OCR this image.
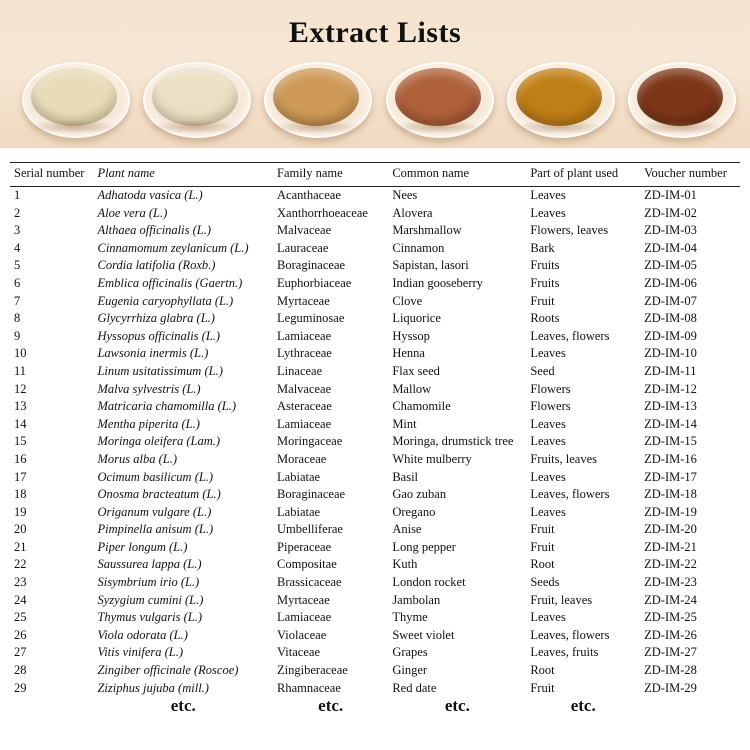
Extract Lists
Serial number	Plant name	Family name	Common name	Part of plant used	Voucher number
1	Adhatoda vasica (L.)	Acanthaceae	Nees	Leaves	ZD-IM-01
2	Aloe vera (L.)	Xanthorrhoeaceae	Alovera	Leaves	ZD-IM-02
3	Althaea officinalis (L.)	Malvaceae	Marshmallow	Flowers, leaves	ZD-IM-03
4	Cinnamomum zeylanicum (L.)	Lauraceae	Cinnamon	Bark	ZD-IM-04
5	Cordia latifolia (Roxb.)	Boraginaceae	Sapistan, lasori	Fruits	ZD-IM-05
6	Emblica officinalis (Gaertn.)	Euphorbiaceae	Indian gooseberry	Fruits	ZD-IM-06
7	Eugenia caryophyllata (L.)	Myrtaceae	Clove	Fruit	ZD-IM-07
8	Glycyrrhiza glabra (L.)	Leguminosae	Liquorice	Roots	ZD-IM-08
9	Hyssopus officinalis (L.)	Lamiaceae	Hyssop	Leaves, flowers	ZD-IM-09
10	Lawsonia inermis (L.)	Lythraceae	Henna	Leaves	ZD-IM-10
11	Linum usitatissimum (L.)	Linaceae	Flax seed	Seed	ZD-IM-11
12	Malva sylvestris (L.)	Malvaceae	Mallow	Flowers	ZD-IM-12
13	Matricaria chamomilla (L.)	Asteraceae	Chamomile	Flowers	ZD-IM-13
14	Mentha piperita (L.)	Lamiaceae	Mint	Leaves	ZD-IM-14
15	Moringa oleifera (Lam.)	Moringaceae	Moringa, drumstick tree	Leaves	ZD-IM-15
16	Morus alba (L.)	Moraceae	White mulberry	Fruits, leaves	ZD-IM-16
17	Ocimum basilicum (L.)	Labiatae	Basil	Leaves	ZD-IM-17
18	Onosma bracteatum (L.)	Boraginaceae	Gao zuban	Leaves, flowers	ZD-IM-18
19	Origanum vulgare (L.)	Labiatae	Oregano	Leaves	ZD-IM-19
20	Pimpinella anisum (L.)	Umbelliferae	Anise	Fruit	ZD-IM-20
21	Piper longum (L.)	Piperaceae	Long pepper	Fruit	ZD-IM-21
22	Saussurea lappa (L.)	Compositae	Kuth	Root	ZD-IM-22
23	Sisymbrium irio (L.)	Brassicaceae	London rocket	Seeds	ZD-IM-23
24	Syzygium cumini (L.)	Myrtaceae	Jambolan	Fruit, leaves	ZD-IM-24
25	Thymus vulgaris (L.)	Lamiaceae	Thyme	Leaves	ZD-IM-25
26	Viola odorata (L.)	Violaceae	Sweet violet	Leaves, flowers	ZD-IM-26
27	Vitis vinifera (L.)	Vitaceae	Grapes	Leaves, fruits	ZD-IM-27
28	Zingiber officinale (Roscoe)	Zingiberaceae	Ginger	Root	ZD-IM-28
29	Ziziphus jujuba (mill.)	Rhamnaceae	Red date	Fruit	ZD-IM-29
	etc.	etc.	etc.	etc.	
